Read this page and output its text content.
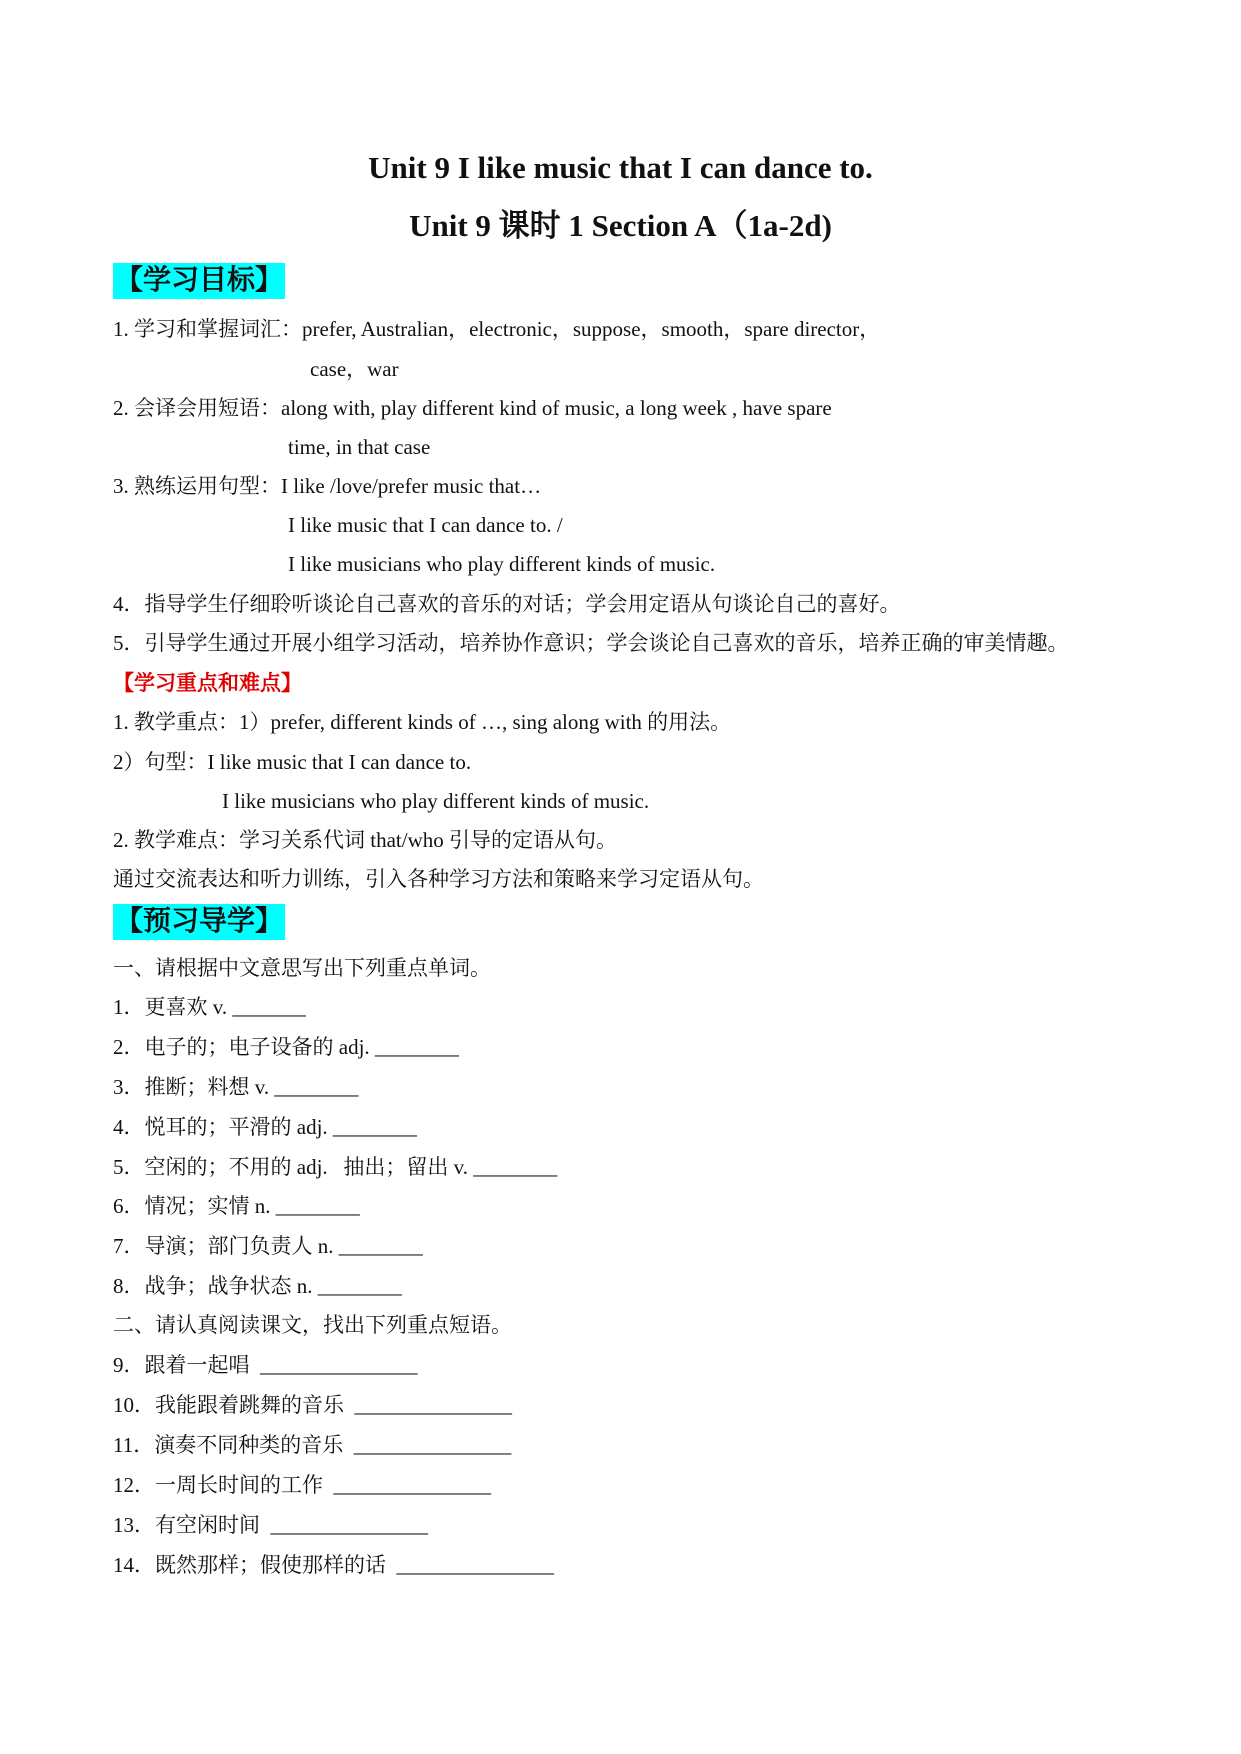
Unit 9 I like music that I can dance to.
Unit 9 课时 1 Section A（1a-2d)
【学习目标】
1. 学习和掌握词汇：prefer, Australian，electronic，suppose，smooth，spare director，
case，war
2. 会译会用短语：along with, play different kind of music, a long week , have spare
time, in that case
3. 熟练运用句型：I like /love/prefer music that…
I like music that I can dance to. /
I like musicians who play different kinds of music.
4．指导学生仔细聆听谈论自己喜欢的音乐的对话；学会用定语从句谈论自己的喜好。
5．引导学生通过开展小组学习活动，培养协作意识；学会谈论自己喜欢的音乐，培养正确的审美情趣。
【学习重点和难点】
1. 教学重点：1）prefer, different kinds of …, sing along with 的用法。
2）句型：I like music that I can dance to.
I like musicians who play different kinds of music.
2. 教学难点：学习关系代词 that/who 引导的定语从句。
通过交流表达和听力训练，引入各种学习方法和策略来学习定语从句。
【预习导学】
一、请根据中文意思写出下列重点单词。
1．更喜欢 v. _______
2．电子的；电子设备的 adj. ________
3．推断；料想 v. ________
4．悦耳的；平滑的 adj. ________
5．空闲的；不用的 adj.   抽出；留出 v. ________
6．情况；实情 n. ________
7．导演；部门负责人 n. ________
8．战争；战争状态 n. ________
二、请认真阅读课文，找出下列重点短语。
9．跟着一起唱  _______________
10．我能跟着跳舞的音乐  _______________
11．演奏不同种类的音乐  _______________
12．一周长时间的工作  _______________
13．有空闲时间  _______________
14．既然那样；假使那样的话  _______________
